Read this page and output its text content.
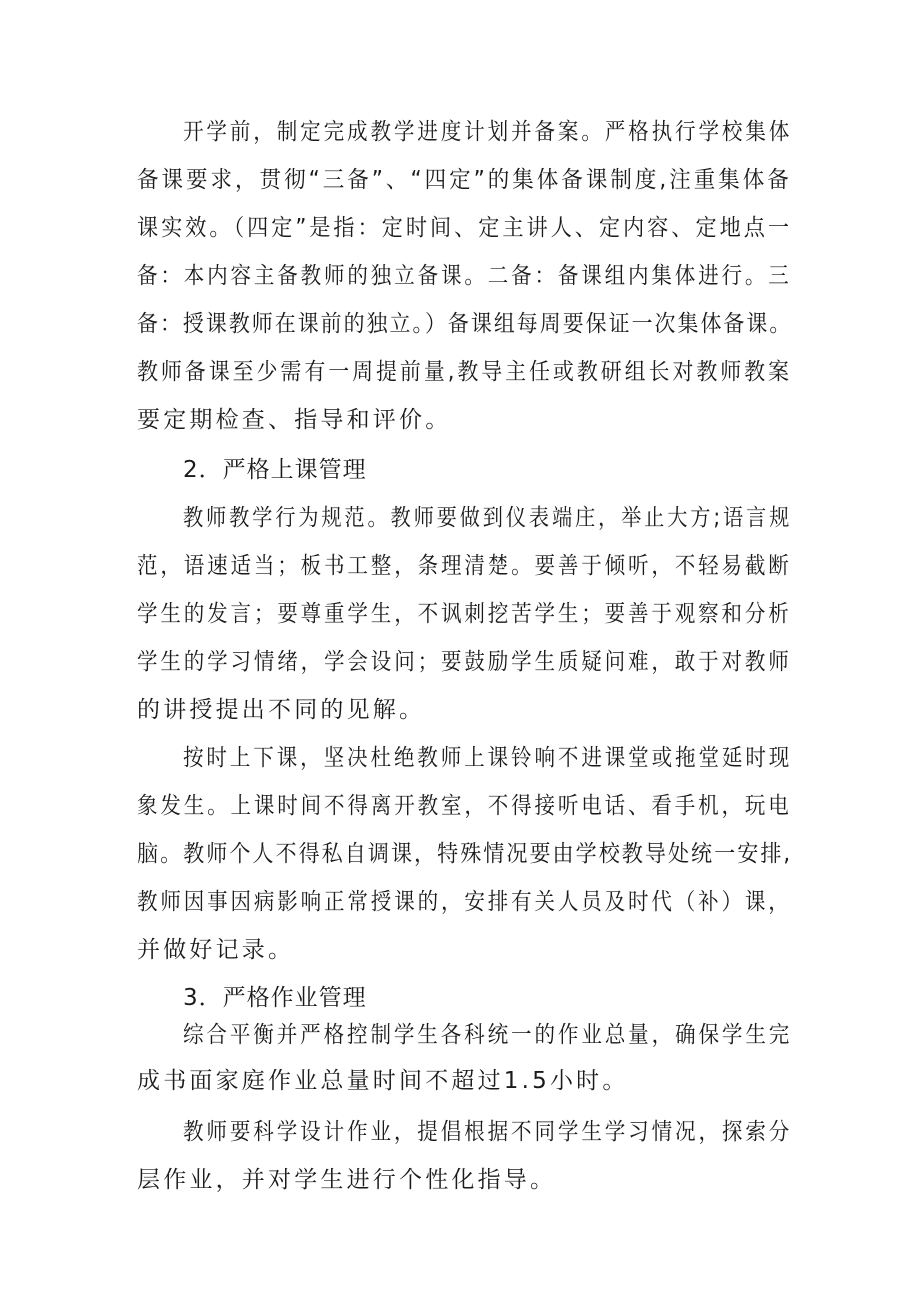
开学前，制定完成教学进度计划并备案。严格执行学校集体
备课要求，贯彻“三备”、“四定”的集体备课制度,注重集体备
课实效。（四定”是指：定时间、定主讲人、定内容、定地点一
备：本内容主备教师的独立备课。二备：备课组内集体进行。三
备：授课教师在课前的独立。）备课组每周要保证一次集体备课。
教师备课至少需有一周提前量,教导主任或教研组长对教师教案
要定期检查、指导和评价。
2．严格上课管理
教师教学行为规范。教师要做到仪表端庄，举止大方;语言规
范，语速适当；板书工整，条理清楚。要善于倾听，不轻易截断
学生的发言；要尊重学生，不讽刺挖苦学生；要善于观察和分析
学生的学习情绪，学会设问；要鼓励学生质疑问难，敢于对教师
的讲授提出不同的见解。
按时上下课，坚决杜绝教师上课铃响不进课堂或拖堂延时现
象发生。上课时间不得离开教室，不得接听电话、看手机，玩电
脑。教师个人不得私自调课，特殊情况要由学校教导处统一安排,
教师因事因病影响正常授课的，安排有关人员及时代（补）课，
并做好记录。
3．严格作业管理
综合平衡并严格控制学生各科统一的作业总量，确保学生完
成书面家庭作业总量时间不超过1.5小时。
教师要科学设计作业，提倡根据不同学生学习情况，探索分
层作业，并对学生进行个性化指导。
